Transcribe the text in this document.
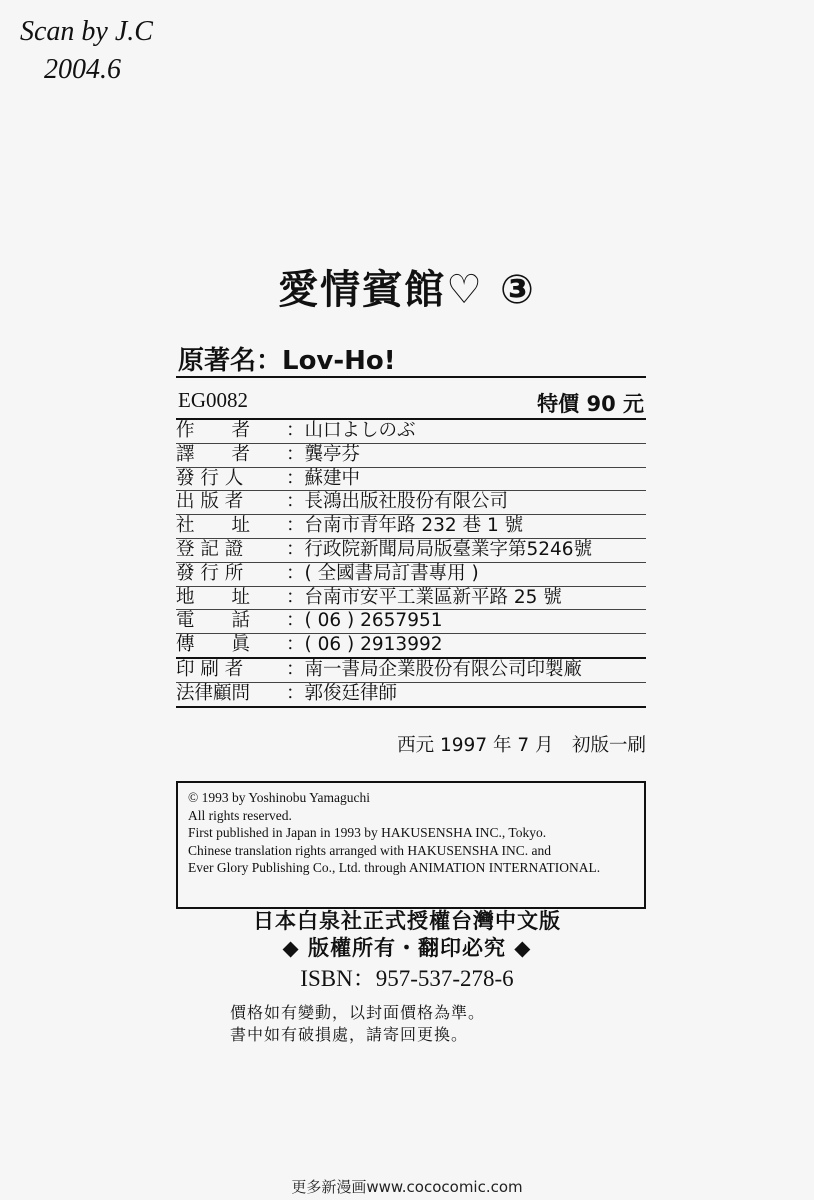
Scan by J.C
2004.6
愛情賓館♡ ③
原著名：Lov-Ho!
EG0082	特價 90 元
作　　者	：山口よしのぶ
譯　　者	：龔亭芬
發 行 人	：蘇建中
出 版 者	：長鴻出版社股份有限公司
社　　址	：台南市青年路 232 巷 1 號
登 記 證	：行政院新聞局局版臺業字第5246號
發 行 所	：( 全國書局訂書專用 )
地　　址	：台南市安平工業區新平路 25 號
電　　話	：( 06 ) 2657951
傳　　眞	：( 06 ) 2913992
印 刷 者	：南一書局企業股份有限公司印製廠
法律顧問	：郭俊廷律師
西元 1997 年 7 月　初版一刷
© 1993 by Yoshinobu Yamaguchi
All rights reserved.
First published in Japan in 1993 by HAKUSENSHA INC., Tokyo.
Chinese translation rights arranged with HAKUSENSHA INC. and
Ever Glory Publishing Co., Ltd. through ANIMATION INTERNATIONAL.
日本白泉社正式授權台灣中文版
◆ 版權所有・翻印必究 ◆
ISBN：957-537-278-6
價格如有變動，以封面價格為準。
書中如有破損處，請寄回更換。
更多新漫画www.cococomic.com
